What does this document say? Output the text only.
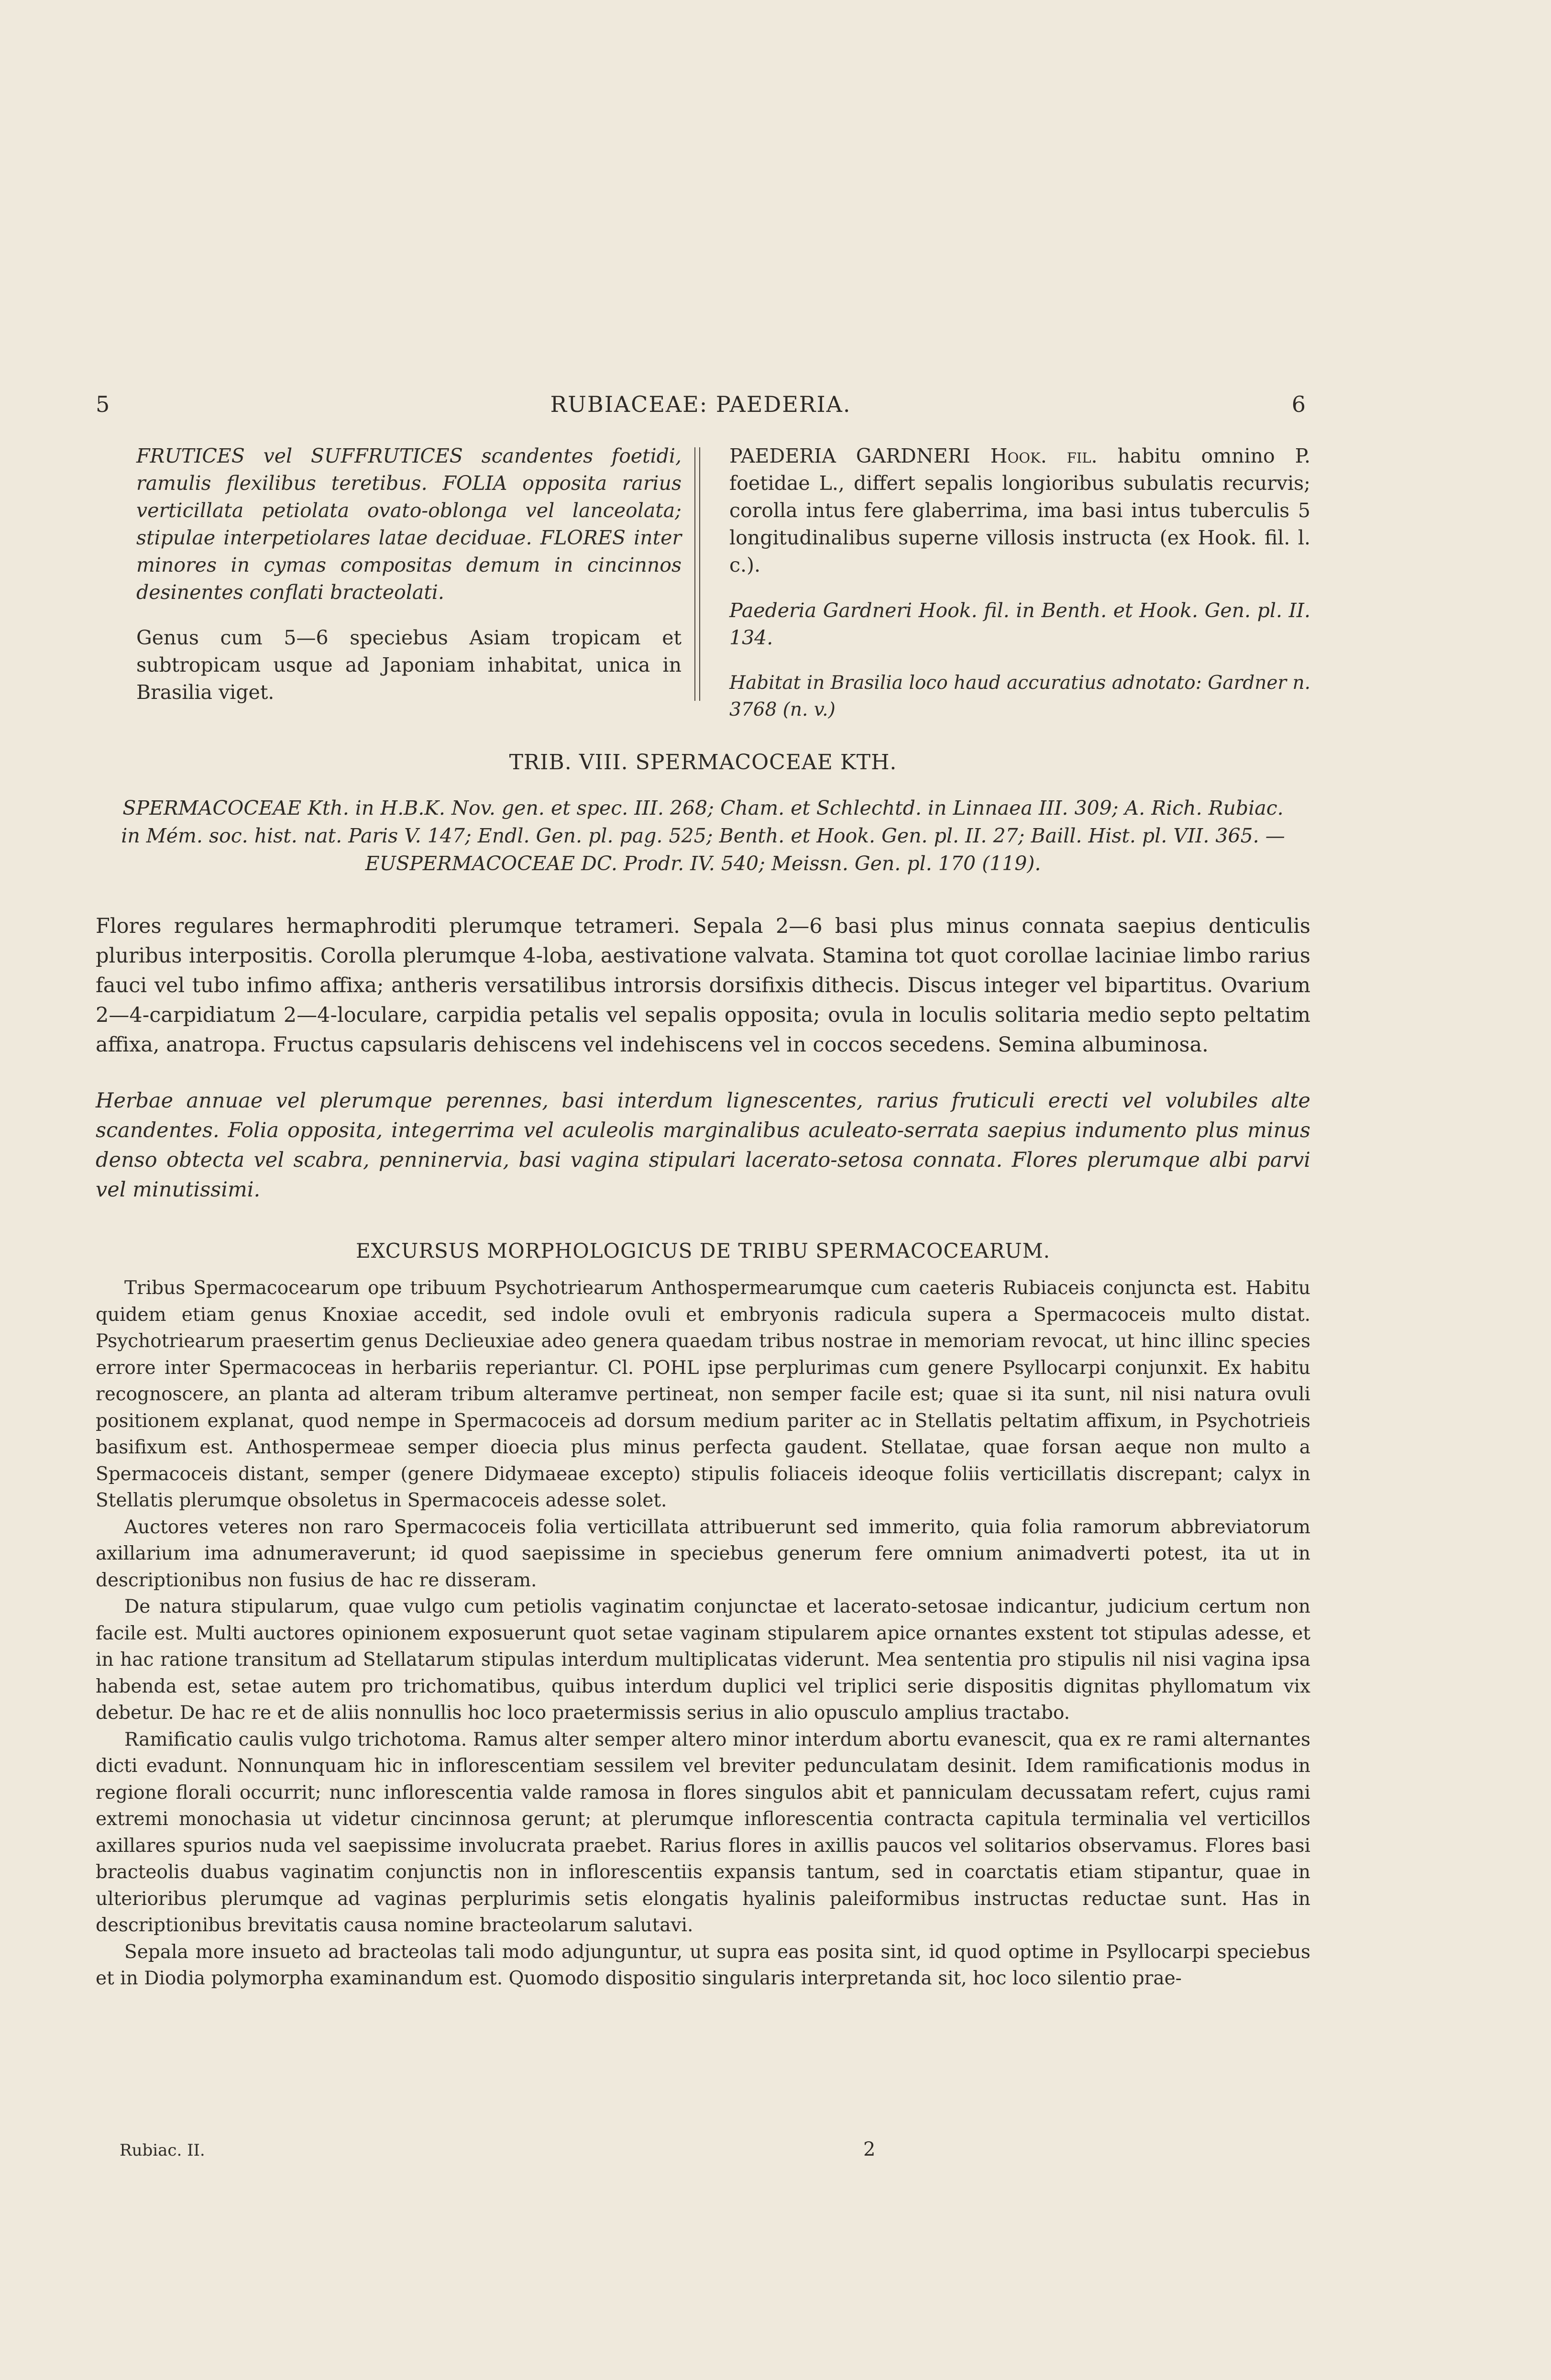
5	RUBIACEAE: PAEDERIA.	6

FRUTICES vel SUFFRUTICES scandentes foetidi, ramulis flexilibus teretibus. FOLIA opposita rarius verticillata petiolata ovato-oblonga vel lanceolata; stipulae interpetiolares latae deciduae. FLORES inter minores in cymas compositas demum in cincinnos desinentes conflati bracteolati.

Genus cum 5—6 speciebus Asiam tropicam et subtropicam usque ad Japoniam inhabitat, unica in Brasilia viget.

PAEDERIA GARDNERI Hook. fil. habitu omnino P. foetidae L., differt sepalis longioribus subulatis recurvis; corolla intus fere glaberrima, ima basi intus tuberculis 5 longitudinalibus superne villosis instructa (ex Hook. fil. l. c.).

Paederia Gardneri Hook. fil. in Benth. et Hook. Gen. pl. II. 134.

Habitat in Brasilia loco haud accuratius adnotato: Gardner n. 3768 (n. v.)

TRIB. VIII. SPERMACOCEAE KTH.
SPERMACOCEAE Kth. in H.B.K. Nov. gen. et spec. III. 268; Cham. et Schlechtd. in Linnaea III. 309; A. Rich. Rubiac. in Mém. soc. hist. nat. Paris V. 147; Endl. Gen. pl. pag. 525; Benth. et Hook. Gen. pl. II. 27; Baill. Hist. pl. VII. 365. — EUSPERMACOCEAE DC. Prodr. IV. 540; Meissn. Gen. pl. 170 (119).
Flores regulares hermaphroditi plerumque tetrameri. Sepala 2—6 basi plus minus connata saepius denticulis pluribus interpositis. Corolla plerumque 4-loba, aestivatione valvata. Stamina tot quot corollae laciniae limbo rarius fauci vel tubo infimo affixa; antheris versatilibus introrsis dorsifixis dithecis. Discus integer vel bipartitus. Ovarium 2—4-carpidiatum 2—4-loculare, carpidia petalis vel sepalis opposita; ovula in loculis solitaria medio septo peltatim affixa, anatropa. Fructus capsularis dehiscens vel indehiscens vel in coccos secedens. Semina albuminosa.
Herbae annuae vel plerumque perennes, basi interdum lignescentes, rarius fruticuli erecti vel volubiles alte scandentes. Folia opposita, integerrima vel aculeolis marginalibus aculeato-serrata saepius indumento plus minus denso obtecta vel scabra, penninervia, basi vagina stipulari lacerato-setosa connata. Flores plerumque albi parvi vel minutissimi.
EXCURSUS MORPHOLOGICUS DE TRIBU SPERMACOCEARUM.

Tribus Spermacocearum ope tribuum Psychotriearum Anthospermearumque cum caeteris Rubiaceis conjuncta est. Habitu quidem etiam genus Knoxiae accedit, sed indole ovuli et embryonis radicula supera a Spermacoceis multo distat. Psychotriearum praesertim genus Declieuxiae adeo genera quaedam tribus nostrae in memoriam revocat, ut hinc illinc species errore inter Spermacoceas in herbariis reperiantur. Cl. POHL ipse perplurimas cum genere Psyllocarpi conjunxit. Ex habitu recognoscere, an planta ad alteram tribum alteramve pertineat, non semper facile est; quae si ita sunt, nil nisi natura ovuli positionem explanat, quod nempe in Spermacoceis ad dorsum medium pariter ac in Stellatis peltatim affixum, in Psychotrieis basifixum est. Anthospermeae semper dioecia plus minus perfecta gaudent. Stellatae, quae forsan aeque non multo a Spermacoceis distant, semper (genere Didymaeae excepto) stipulis foliaceis ideoque foliis verticillatis discrepant; calyx in Stellatis plerumque obsoletus in Spermacoceis adesse solet.

Auctores veteres non raro Spermacoceis folia verticillata attribuerunt sed immerito, quia folia ramorum abbreviatorum axillarium ima adnumeraverunt; id quod saepissime in speciebus generum fere omnium animadverti potest, ita ut in descriptionibus non fusius de hac re disseram.

De natura stipularum, quae vulgo cum petiolis vaginatim conjunctae et lacerato-setosae indicantur, judicium certum non facile est. Multi auctores opinionem exposuerunt quot setae vaginam stipularem apice ornantes exstent tot stipulas adesse, et in hac ratione transitum ad Stellatarum stipulas interdum multiplicatas viderunt. Mea sententia pro stipulis nil nisi vagina ipsa habenda est, setae autem pro trichomatibus, quibus interdum duplici vel triplici serie dispositis dignitas phyllomatum vix debetur. De hac re et de aliis nonnullis hoc loco praetermissis serius in alio opusculo amplius tractabo.

Ramificatio caulis vulgo trichotoma. Ramus alter semper altero minor interdum abortu evanescit, qua ex re rami alternantes dicti evadunt. Nonnunquam hic in inflorescentiam sessilem vel breviter pedunculatam desinit. Idem ramificationis modus in regione florali occurrit; nunc inflorescentia valde ramosa in flores singulos abit et panniculam decussatam refert, cujus rami extremi monochasia ut videtur cincinnosa gerunt; at plerumque inflorescentia contracta capitula terminalia vel verticillos axillares spurios nuda vel saepissime involucrata praebet. Rarius flores in axillis paucos vel solitarios observamus. Flores basi bracteolis duabus vaginatim conjunctis non in inflorescentiis expansis tantum, sed in coarctatis etiam stipantur, quae in ulterioribus plerumque ad vaginas perplurimis setis elongatis hyalinis paleiformibus instructas reductae sunt. Has in descriptionibus brevitatis causa nomine bracteolarum salutavi.

Sepala more insueto ad bracteolas tali modo adjunguntur, ut supra eas posita sint, id quod optime in Psyllocarpi speciebus et in Diodia polymorpha examinandum est. Quomodo dispositio singularis interpretanda sit, hoc loco silentio prae-

Rubiac. II.	2
